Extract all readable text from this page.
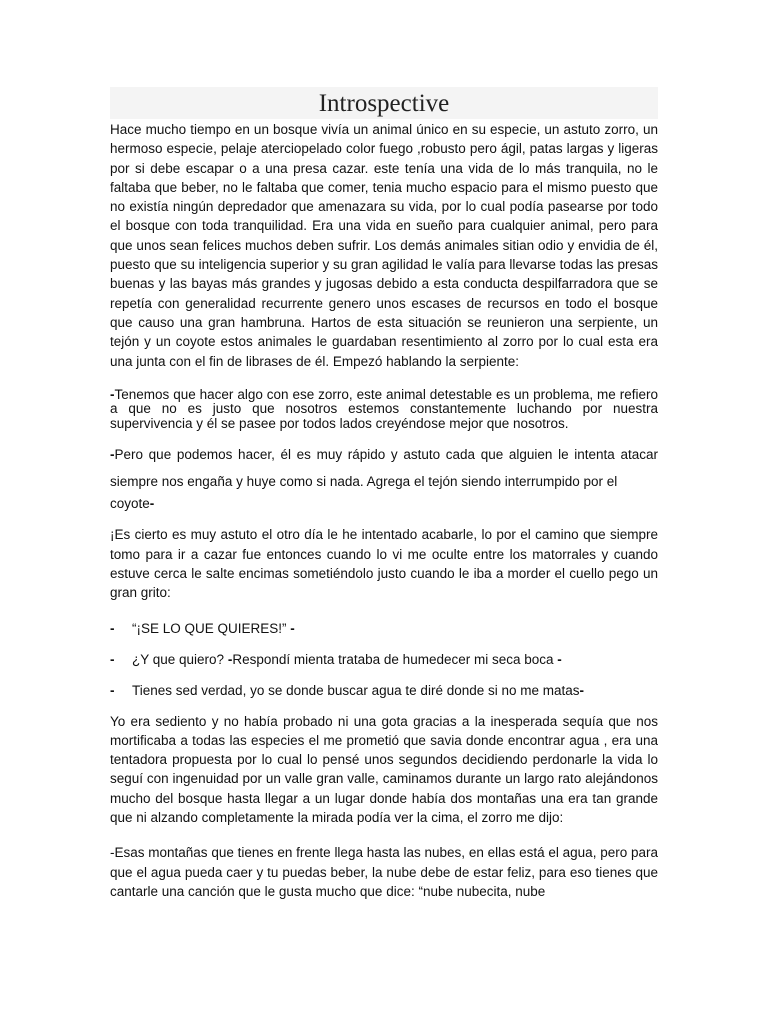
Introspective

Hace mucho tiempo en un bosque vivía un animal único en su especie, un astuto zorro, un hermoso especie, pelaje aterciopelado color fuego ,robusto pero ágil, patas largas y ligeras por si debe escapar o a una presa cazar. este tenía una vida de lo más tranquila, no le faltaba que beber, no le faltaba que comer, tenia mucho espacio para el mismo puesto que no existía ningún depredador que amenazara su vida, por lo cual podía pasearse por todo el bosque con toda tranquilidad. Era una vida en sueño para cualquier animal, pero para que unos sean felices muchos deben sufrir. Los demás animales sitian odio y envidia de él, puesto que su inteligencia superior y su gran agilidad le valía para llevarse todas las presas buenas y las bayas más grandes y jugosas debido a esta conducta despilfarradora que se repetía con generalidad recurrente genero unos escases de recursos en todo el bosque que causo una gran hambruna. Hartos de esta situación se reunieron una serpiente, un tejón y un coyote estos animales le guardaban resentimiento al zorro por lo cual esta era una junta con el fin de librases de él. Empezó hablando la serpiente:

-Tenemos que hacer algo con ese zorro, este animal detestable es un problema, me refiero a que no es justo que nosotros estemos constantemente luchando por nuestra supervivencia y él se pasee por todos lados creyéndose mejor que nosotros.

-Pero que podemos hacer, él es muy rápido y astuto cada que alguien le intenta atacar siempre nos engaña y huye como si nada. Agrega el tejón siendo interrumpido por el

coyote-

¡Es cierto es muy astuto el otro día le he intentado acabarle, lo por el camino que siempre tomo para ir a cazar fue entonces cuando lo vi me oculte entre los matorrales y cuando estuve cerca le salte encimas sometiéndolo justo cuando le iba a morder el cuello pego un gran grito:

- “¡SE LO QUE QUIERES!” -
- ¿Y que quiero? -Respondí mienta trataba de humedecer mi seca boca -
- Tienes sed verdad, yo se donde buscar agua te diré donde si no me matas-

Yo era sediento y no había probado ni una gota gracias a la inesperada sequía que nos mortificaba a todas las especies el me prometió que savia donde encontrar agua , era una tentadora propuesta por lo cual lo pensé unos segundos decidiendo perdonarle la vida lo seguí con ingenuidad por un valle gran valle, caminamos durante un largo rato alejándonos mucho del bosque hasta llegar a un lugar donde había dos montañas una era tan grande que ni alzando completamente la mirada podía ver la cima, el zorro me dijo:

-Esas montañas que tienes en frente llega hasta las nubes, en ellas está el agua, pero para que el agua pueda caer y tu puedas beber, la nube debe de estar feliz, para eso tienes que cantarle una canción que le gusta mucho que dice: “nube nubecita, nube
